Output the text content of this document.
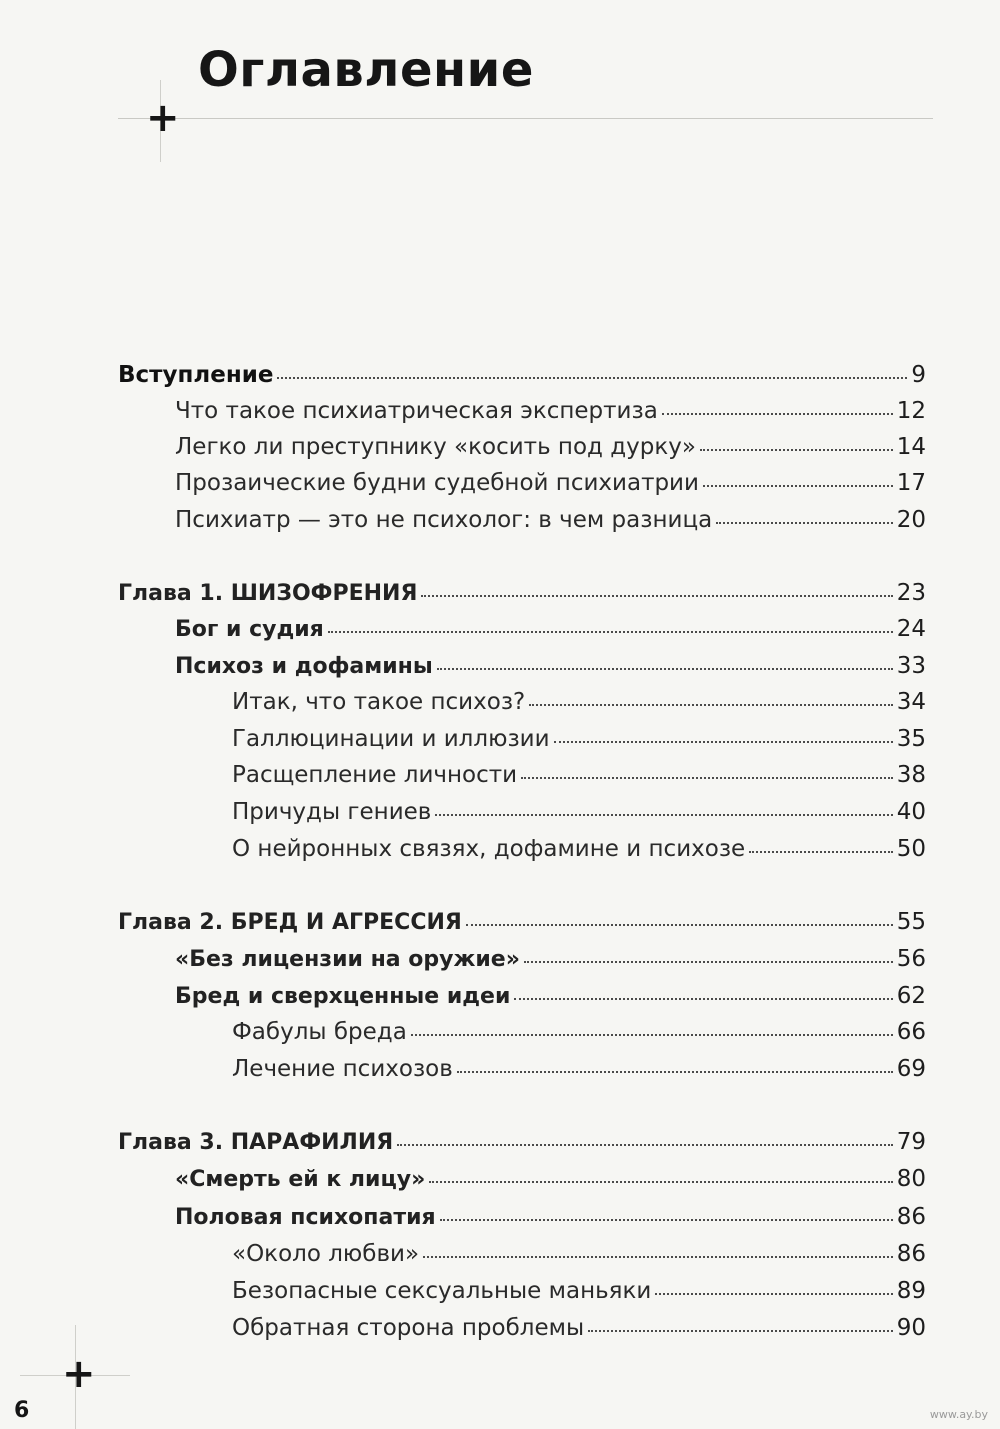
Оглавление
+
Вступление	9
Что такое психиатрическая экспертиза	12
Легко ли преступнику «косить под дурку»	14
Прозаические будни судебной психиатрии	17
Психиатр — это не психолог: в чем разница	20
Глава 1. ШИЗОФРЕНИЯ	23
Бог и судия	24
Психоз и дофамины	33
Итак, что такое психоз?	34
Галлюцинации и иллюзии	35
Расщепление личности	38
Причуды гениев	40
О нейронных связях, дофамине и психозе	50
Глава 2. БРЕД И АГРЕССИЯ	55
«Без лицензии на оружие»	56
Бред и сверхценные идеи	62
Фабулы бреда	66
Лечение психозов	69
Глава 3. ПАРАФИЛИЯ	79
«Смерть ей к лицу»	80
Половая психопатия	86
«Около любви»	86
Безопасные сексуальные маньяки	89
Обратная сторона проблемы	90
+
6	www.ay.by
